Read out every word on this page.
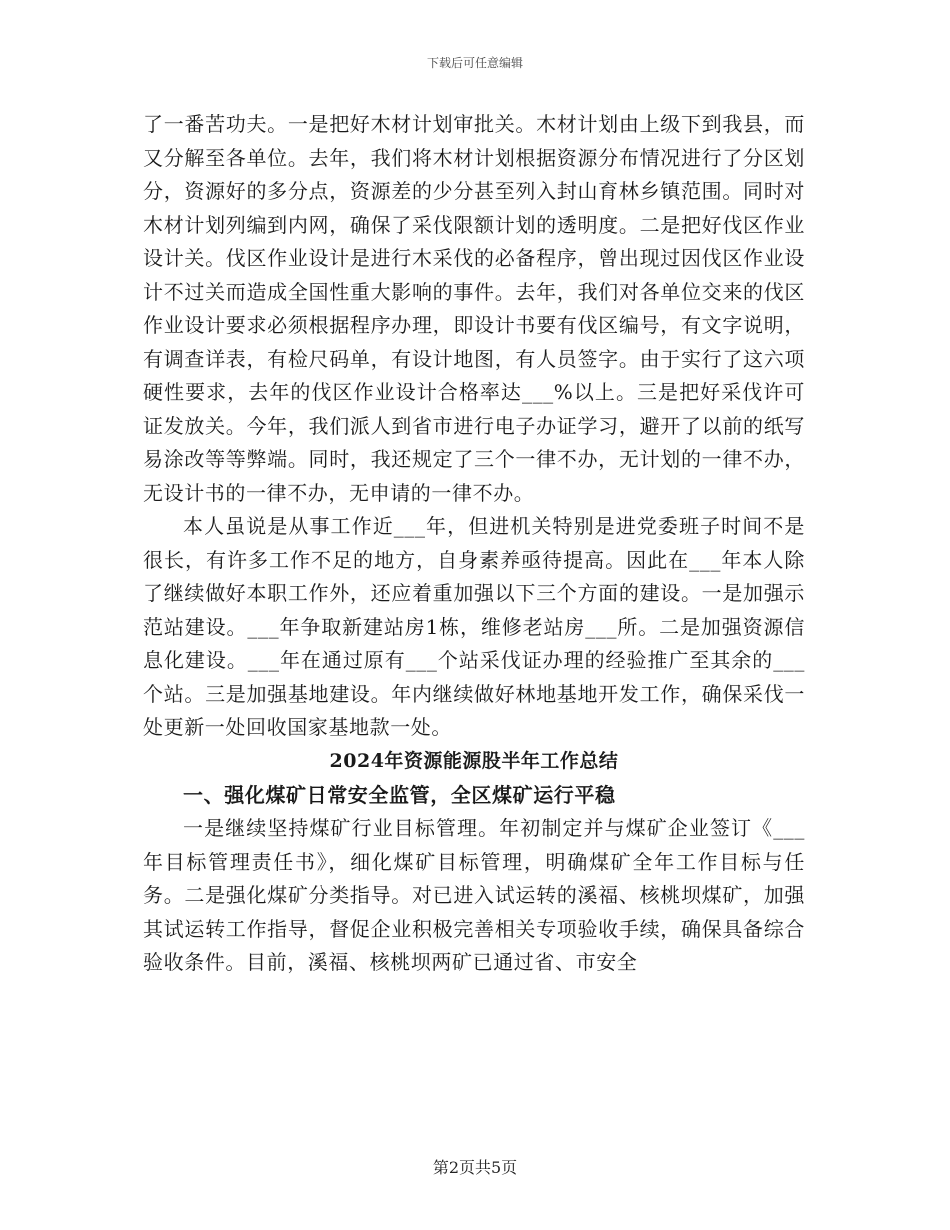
下载后可任意编辑

了一番苦功夫。一是把好木材计划审批关。木材计划由上级下到我县，而又分解至各单位。去年，我们将木材计划根据资源分布情况进行了分区划分，资源好的多分点，资源差的少分甚至列入封山育林乡镇范围。同时对木材计划列编到内网，确保了采伐限额计划的透明度。二是把好伐区作业设计关。伐区作业设计是进行木采伐的必备程序，曾出现过因伐区作业设计不过关而造成全国性重大影响的事件。去年，我们对各单位交来的伐区作业设计要求必须根据程序办理，即设计书要有伐区编号，有文字说明，有调查详表，有检尺码单，有设计地图，有人员签字。由于实行了这六项硬性要求，去年的伐区作业设计合格率达___%以上。三是把好采伐许可证发放关。今年，我们派人到省市进行电子办证学习，避开了以前的纸写易涂改等等弊端。同时，我还规定了三个一律不办，无计划的一律不办，无设计书的一律不办，无申请的一律不办。

本人虽说是从事工作近___年，但进机关特别是进党委班子时间不是很长，有许多工作不足的地方，自身素养亟待提高。因此在___年本人除了继续做好本职工作外，还应着重加强以下三个方面的建设。一是加强示范站建设。___年争取新建站房1栋，维修老站房___所。二是加强资源信息化建设。___年在通过原有___个站采伐证办理的经验推广至其余的___个站。三是加强基地建设。年内继续做好林地基地开发工作，确保采伐一处更新一处回收国家基地款一处。

2024年资源能源股半年工作总结
一、强化煤矿日常安全监管，全区煤矿运行平稳

一是继续坚持煤矿行业目标管理。年初制定并与煤矿企业签订《___年目标管理责任书》，细化煤矿目标管理，明确煤矿全年工作目标与任务。二是强化煤矿分类指导。对已进入试运转的溪福、核桃坝煤矿，加强其试运转工作指导，督促企业积极完善相关专项验收手续，确保具备综合验收条件。目前，溪福、核桃坝两矿已通过省、市安全

第2页共5页
